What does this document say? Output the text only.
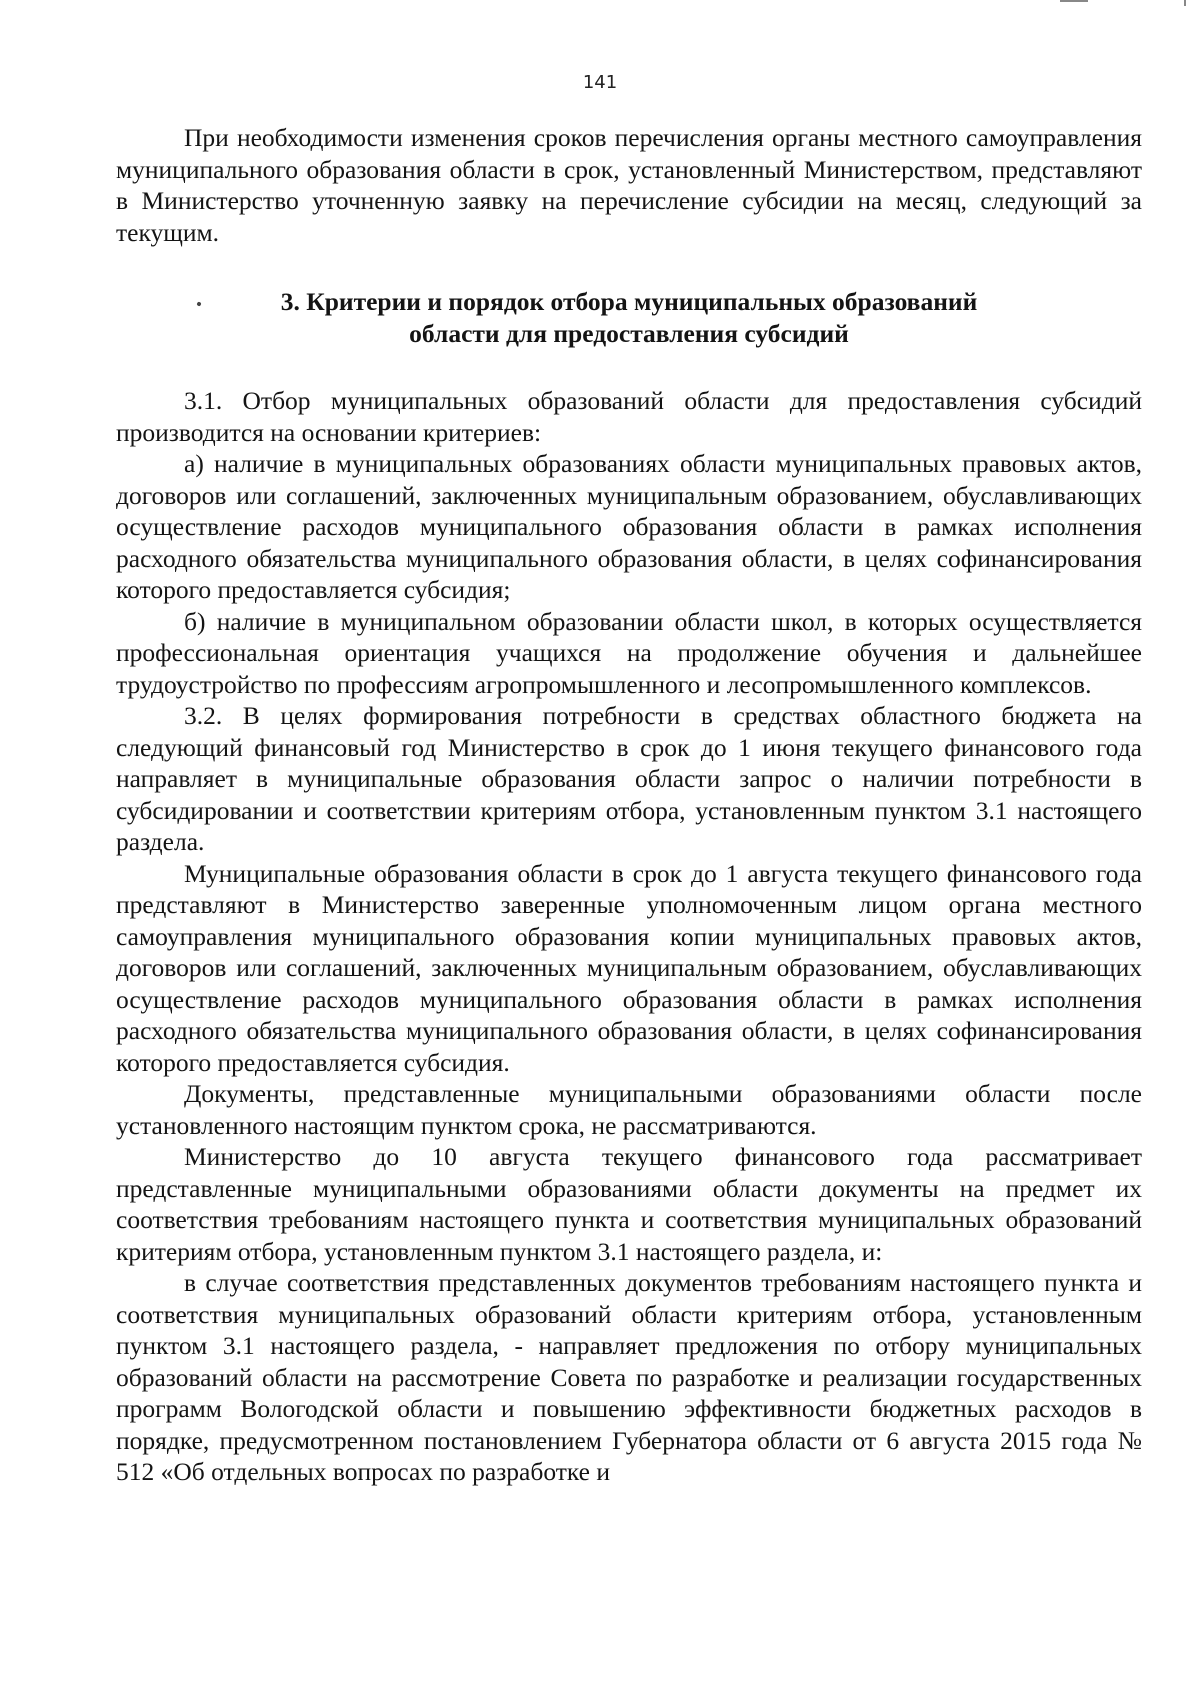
141

При необходимости изменения сроков перечисления органы местного самоуправления муниципального образования области в срок, установленный Министерством, представляют в Министерство уточненную заявку на перечисление субсидии на месяц, следующий за текущим.

3. Критерии и порядок отбора муниципальных образований
области для предоставления субсидий

3.1. Отбор муниципальных образований области для предоставления субсидий производится на основании критериев:

а) наличие в муниципальных образованиях области муниципальных правовых актов, договоров или соглашений, заключенных муниципальным образованием, обуславливающих осуществление расходов муниципального образования области в рамках исполнения расходного обязательства муниципального образования области, в целях софинансирования которого предоставляется субсидия;

б) наличие в муниципальном образовании области школ, в которых осуществляется профессиональная ориентация учащихся на продолжение обучения и дальнейшее трудоустройство по профессиям агропромышленного и лесопромышленного комплексов.

3.2. В целях формирования потребности в средствах областного бюджета на следующий финансовый год Министерство в срок до 1 июня текущего финансового года направляет в муниципальные образования области запрос о наличии потребности в субсидировании и соответствии критериям отбора, установленным пунктом 3.1 настоящего раздела.

Муниципальные образования области в срок до 1 августа текущего финансового года представляют в Министерство заверенные уполномоченным лицом органа местного самоуправления муниципального образования копии муниципальных правовых актов, договоров или соглашений, заключенных муниципальным образованием, обуславливающих осуществление расходов муниципального образования области в рамках исполнения расходного обязательства муниципального образования области, в целях софинансирования которого предоставляется субсидия.

Документы, представленные муниципальными образованиями области после установленного настоящим пунктом срока, не рассматриваются.

Министерство до 10 августа текущего финансового года рассматривает представленные муниципальными образованиями области документы на предмет их соответствия требованиям настоящего пункта и соответствия муниципальных образований критериям отбора, установленным пунктом 3.1 настоящего раздела, и:

в случае соответствия представленных документов требованиям настоящего пункта и соответствия муниципальных образований области критериям отбора, установленным пунктом 3.1 настоящего раздела, - направляет предложения по отбору муниципальных образований области на рассмотрение Совета по разработке и реализации государственных программ Вологодской области и повышению эффективности бюджетных расходов в порядке, предусмотренном постановлением Губернатора области от 6 августа 2015 года № 512 «Об отдельных вопросах по разработке и
